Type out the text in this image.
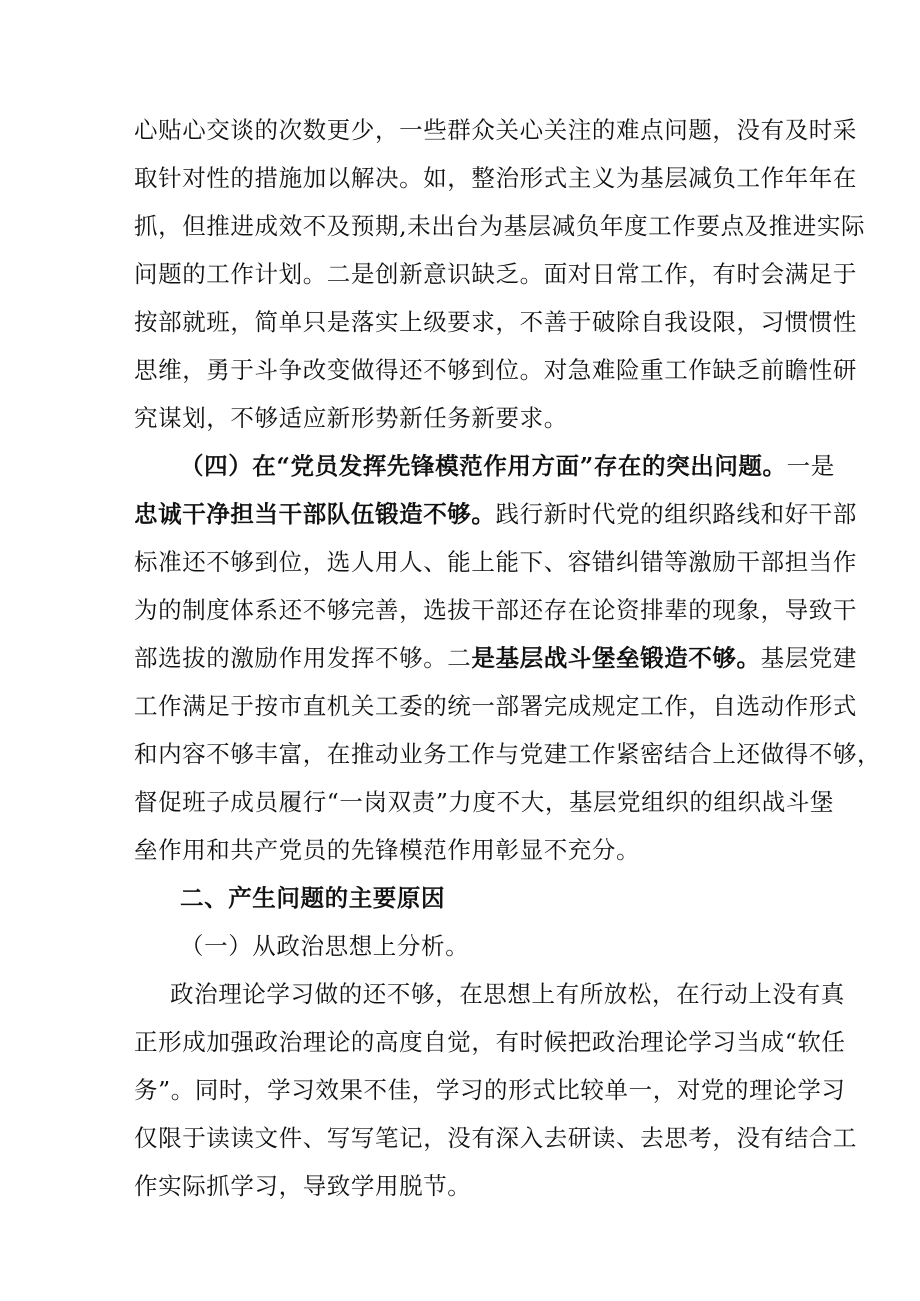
心贴心交谈的次数更少，一些群众关心关注的难点问题，没有及时采
取针对性的措施加以解决。如，整治形式主义为基层减负工作年年在
抓，但推进成效不及预期,未出台为基层减负年度工作要点及推进实际
问题的工作计划。二是创新意识缺乏。面对日常工作，有时会满足于
按部就班，简单只是落实上级要求，不善于破除自我设限，习惯惯性
思维，勇于斗争改变做得还不够到位。对急难险重工作缺乏前瞻性研
究谋划，不够适应新形势新任务新要求。
（四）在“党员发挥先锋模范作用方面”存在的突出问题。一是
忠诚干净担当干部队伍锻造不够。践行新时代党的组织路线和好干部
标准还不够到位，选人用人、能上能下、容错纠错等激励干部担当作
为的制度体系还不够完善，选拔干部还存在论资排辈的现象，导致干
部选拔的激励作用发挥不够。二是基层战斗堡垒锻造不够。基层党建
工作满足于按市直机关工委的统一部署完成规定工作，自选动作形式
和内容不够丰富，在推动业务工作与党建工作紧密结合上还做得不够，
督促班子成员履行“一岗双责”力度不大，基层党组织的组织战斗堡
垒作用和共产党员的先锋模范作用彰显不充分。
二、产生问题的主要原因
（一）从政治思想上分析。
政治理论学习做的还不够，在思想上有所放松，在行动上没有真
正形成加强政治理论的高度自觉，有时候把政治理论学习当成“软任
务”。同时，学习效果不佳，学习的形式比较单一，对党的理论学习
仅限于读读文件、写写笔记，没有深入去研读、去思考，没有结合工
作实际抓学习，导致学用脱节。
